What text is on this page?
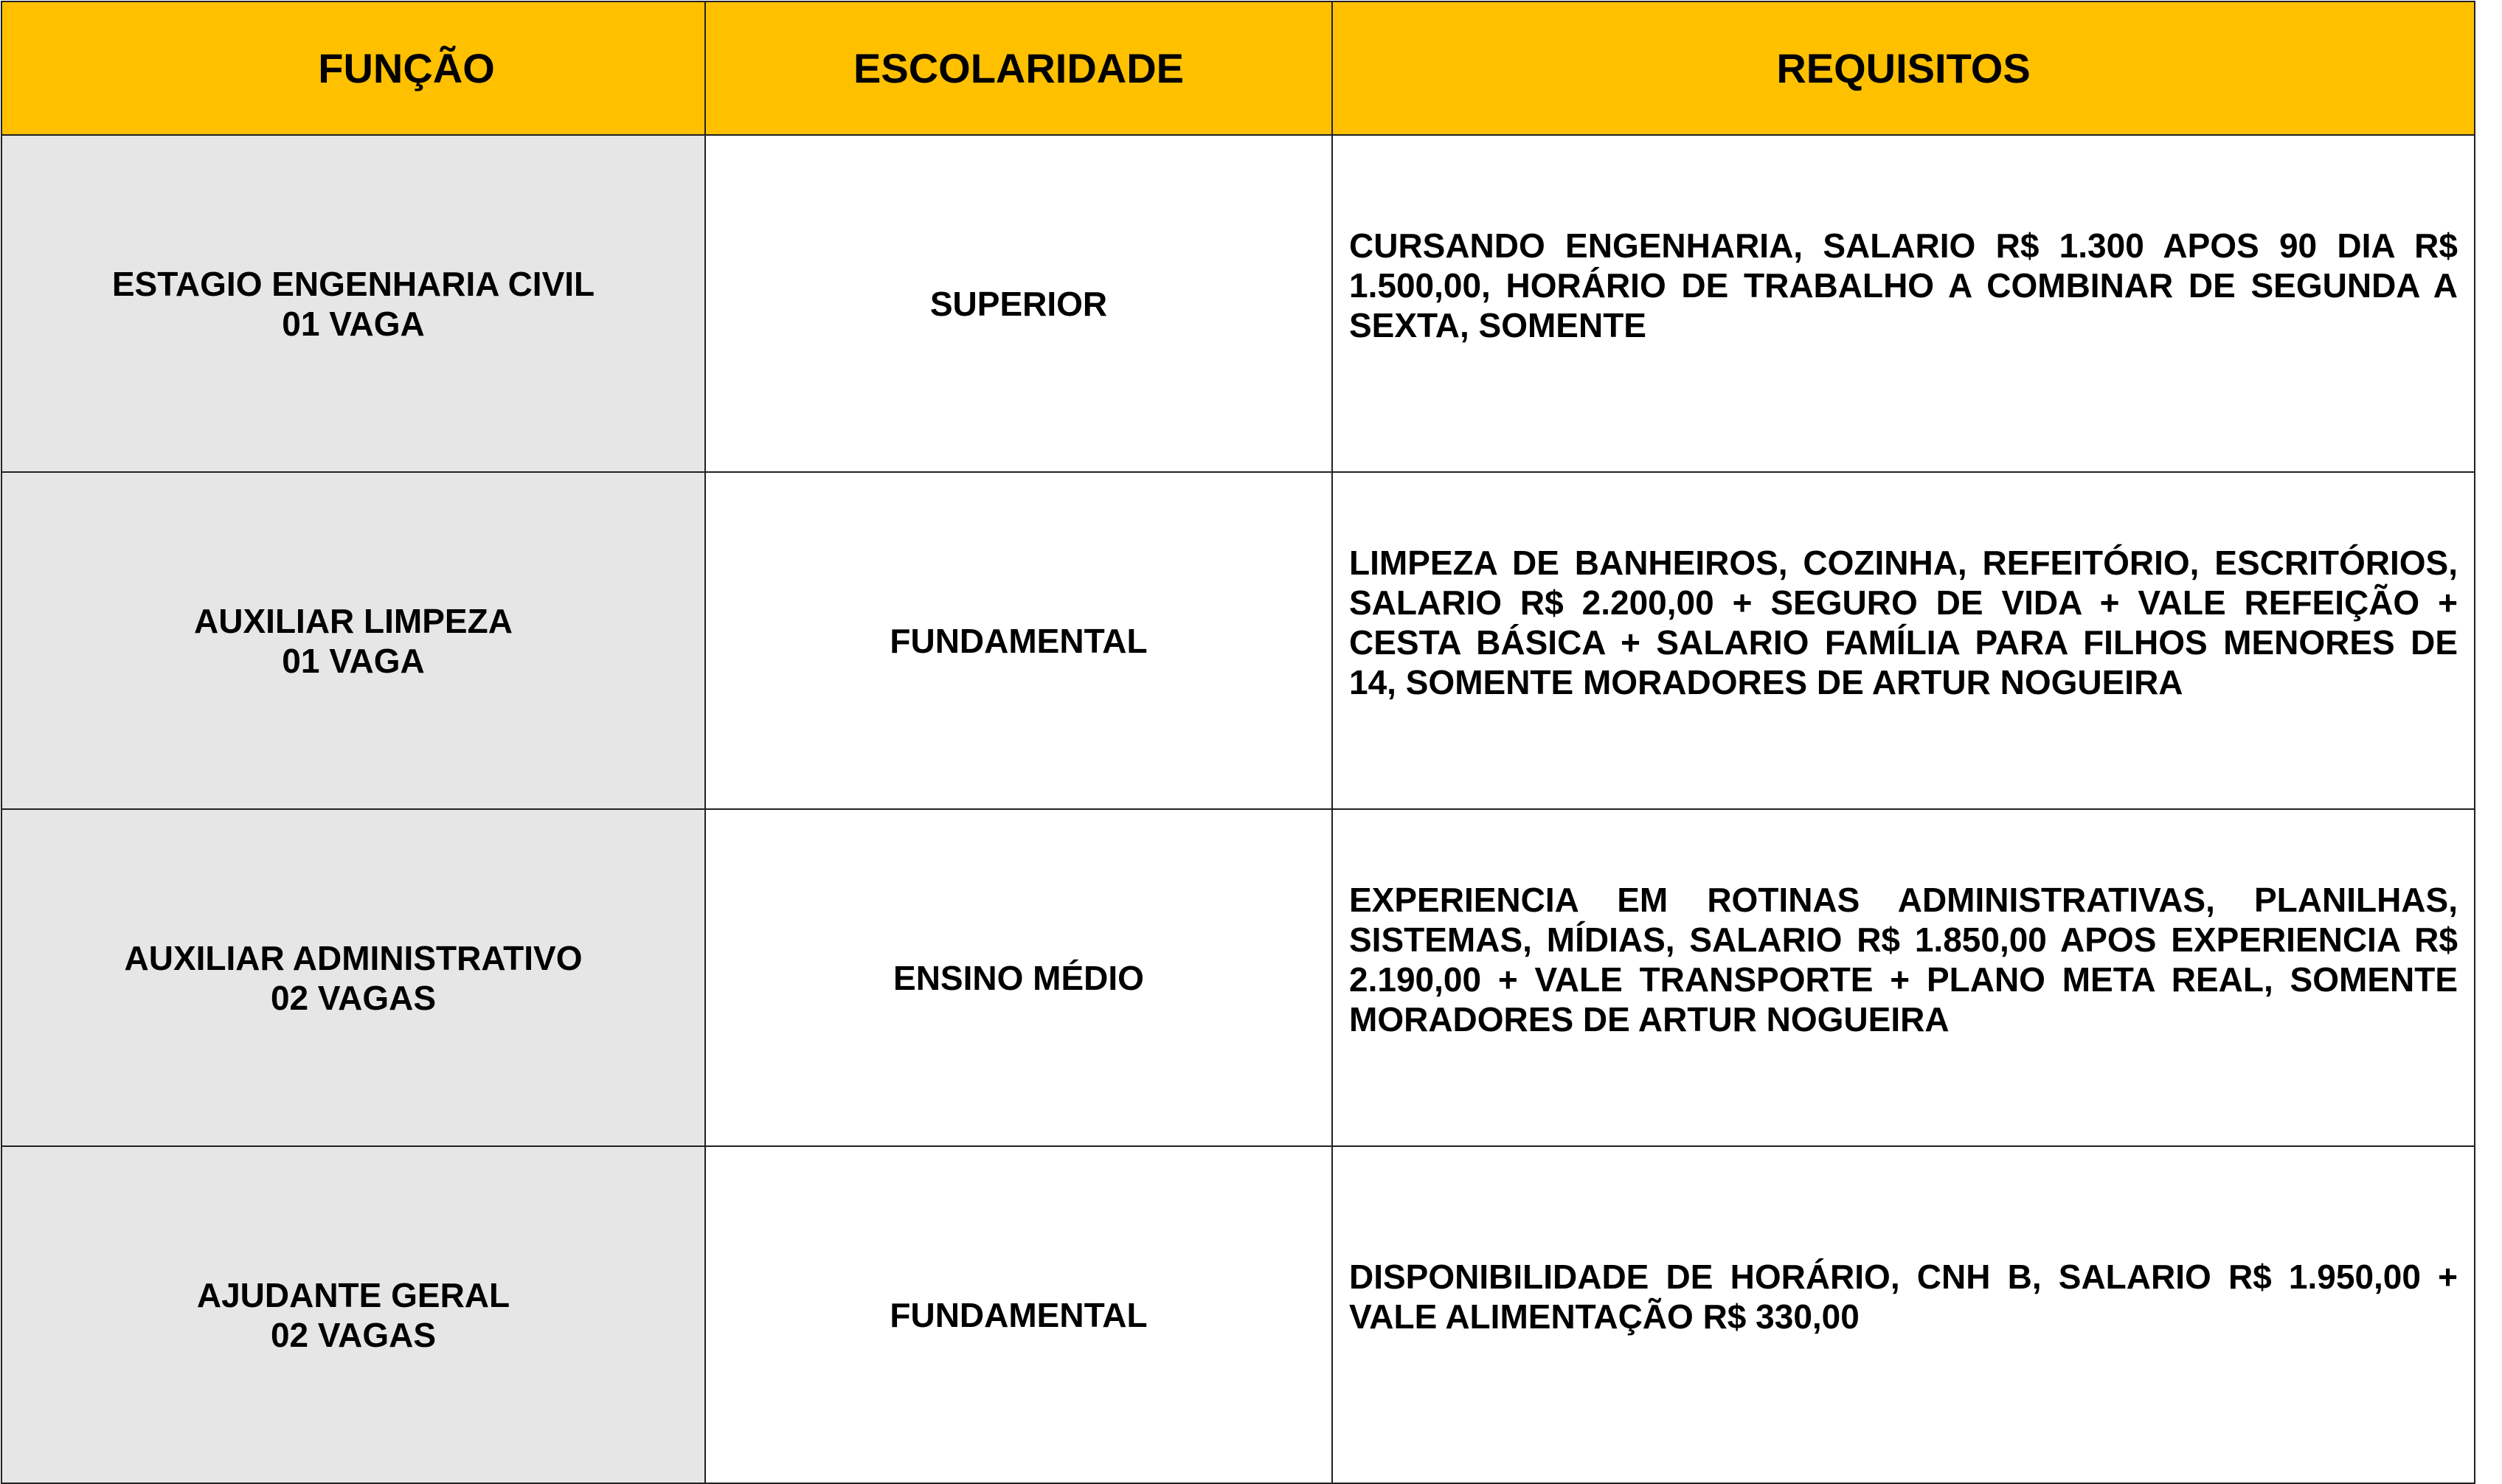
FUNÇÃO	ESCOLARIDADE	REQUISITOS

ESTAGIO ENGENHARIA CIVIL
01 VAGA	SUPERIOR	CURSANDO ENGENHARIA, SALARIO R$ 1.300 APOS 90 DIA R$ 1.500,00, HORÁRIO DE TRABALHO A COMBINAR DE SEGUNDA A SEXTA, SOMENTE

AUXILIAR LIMPEZA
01 VAGA	FUNDAMENTAL	LIMPEZA DE BANHEIROS, COZINHA, REFEITÓRIO, ESCRITÓRIOS, SALARIO R$ 2.200,00 + SEGURO DE VIDA + VALE REFEIÇÃO + CESTA BÁSICA + SALARIO FAMÍLIA PARA FILHOS MENORES DE 14, SOMENTE MORADORES DE ARTUR NOGUEIRA

AUXILIAR ADMINISTRATIVO
02 VAGAS	ENSINO MÉDIO	EXPERIENCIA EM ROTINAS ADMINISTRATIVAS, PLANILHAS, SISTEMAS, MÍDIAS, SALARIO R$ 1.850,00 APOS EXPERIENCIA R$ 2.190,00 + VALE TRANSPORTE + PLANO META REAL, SOMENTE MORADORES DE ARTUR NOGUEIRA

AJUDANTE GERAL
02 VAGAS	FUNDAMENTAL	DISPONIBILIDADE DE HORÁRIO, CNH B, SALARIO R$ 1.950,00 + VALE ALIMENTAÇÃO R$ 330,00
